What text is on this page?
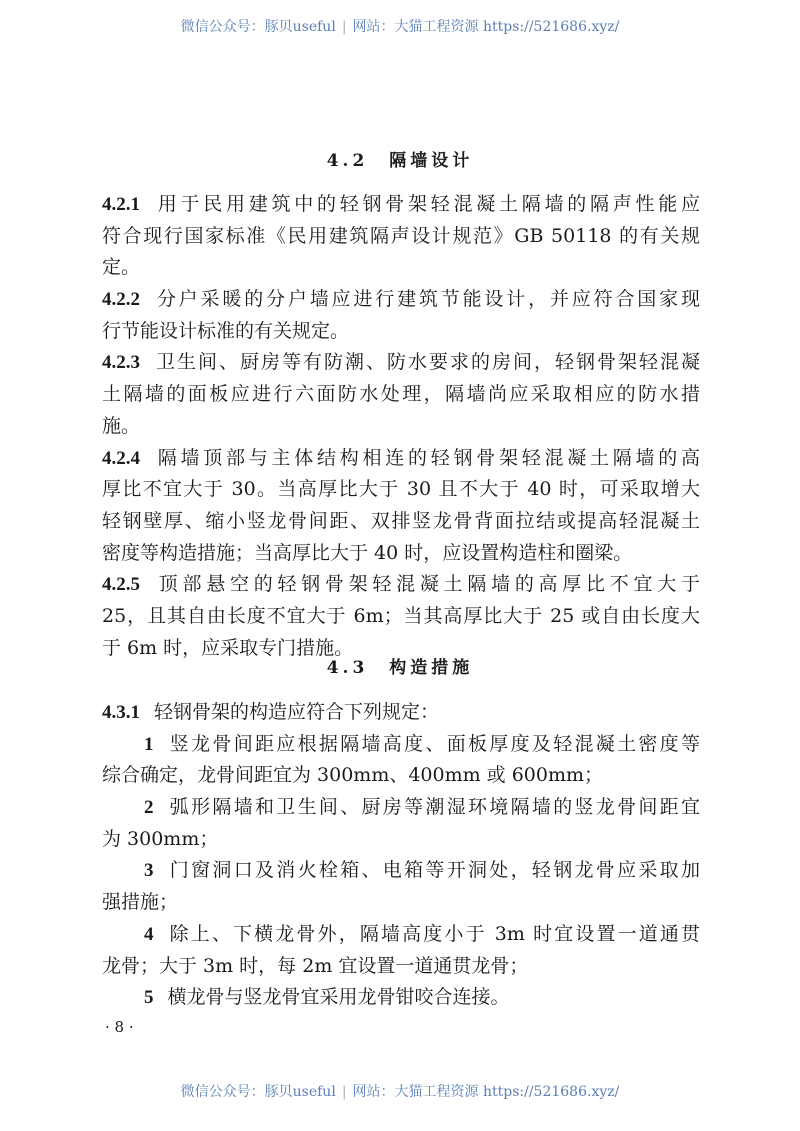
微信公众号：豚贝useful | 网站：大猫工程资源 https://521686.xyz/
4.2　隔墙设计
4.2.1 用于民用建筑中的轻钢骨架轻混凝土隔墙的隔声性能应
符合现行国家标准《民用建筑隔声设计规范》GB 50118 的有关规
定。
4.2.2 分户采暖的分户墙应进行建筑节能设计，并应符合国家现
行节能设计标准的有关规定。
4.2.3 卫生间、厨房等有防潮、防水要求的房间，轻钢骨架轻混凝
土隔墙的面板应进行六面防水处理，隔墙尚应采取相应的防水措
施。
4.2.4 隔墙顶部与主体结构相连的轻钢骨架轻混凝土隔墙的高
厚比不宜大于 30。当高厚比大于 30 且不大于 40 时，可采取增大
轻钢壁厚、缩小竖龙骨间距、双排竖龙骨背面拉结或提高轻混凝土
密度等构造措施；当高厚比大于 40 时，应设置构造柱和圈梁。
4.2.5 顶部悬空的轻钢骨架轻混凝土隔墙的高厚比不宜大于
25，且其自由长度不宜大于 6m；当其高厚比大于 25 或自由长度大
于 6m 时，应采取专门措施。
4.3　构造措施
4.3.1 轻钢骨架的构造应符合下列规定：
1 竖龙骨间距应根据隔墙高度、面板厚度及轻混凝土密度等
综合确定，龙骨间距宜为 300mm、400mm 或 600mm；
2 弧形隔墙和卫生间、厨房等潮湿环境隔墙的竖龙骨间距宜
为 300mm；
3 门窗洞口及消火栓箱、电箱等开洞处，轻钢龙骨应采取加
强措施；
4 除上、下横龙骨外，隔墙高度小于 3m 时宜设置一道通贯
龙骨；大于 3m 时，每 2m 宜设置一道通贯龙骨；
5 横龙骨与竖龙骨宜采用龙骨钳咬合连接。
· 8 ·
微信公众号：豚贝useful | 网站：大猫工程资源 https://521686.xyz/
